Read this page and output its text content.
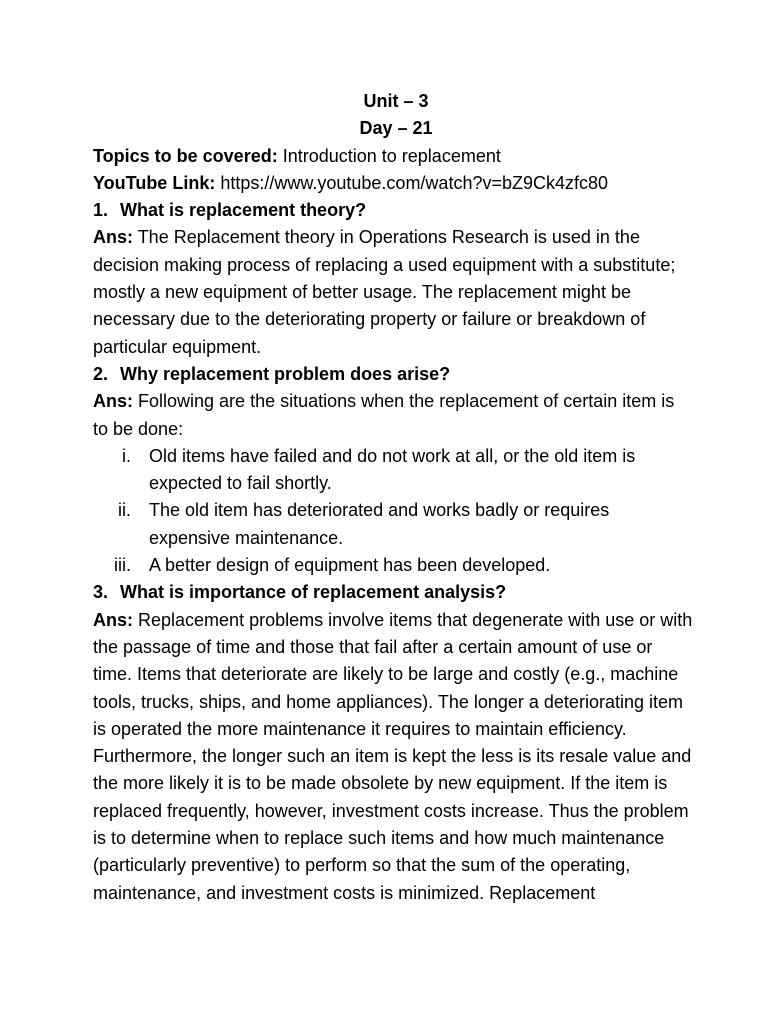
Unit – 3
Day – 21
Topics to be covered: Introduction to replacement
YouTube Link: https://www.youtube.com/watch?v=bZ9Ck4zfc80
1. What is replacement theory?
Ans: The Replacement theory in Operations Research is used in the decision making process of replacing a used equipment with a substitute; mostly a new equipment of better usage. The replacement might be necessary due to the deteriorating property or failure or breakdown of particular equipment.
2. Why replacement problem does arise?
Ans: Following are the situations when the replacement of certain item is to be done:
i. Old items have failed and do not work at all, or the old item is expected to fail shortly.
ii. The old item has deteriorated and works badly or requires expensive maintenance.
iii. A better design of equipment has been developed.
3. What is importance of replacement analysis?
Ans: Replacement problems involve items that degenerate with use or with the passage of time and those that fail after a certain amount of use or time. Items that deteriorate are likely to be large and costly (e.g., machine tools, trucks, ships, and home appliances). The longer a deteriorating item is operated the more maintenance it requires to maintain efficiency. Furthermore, the longer such an item is kept the less is its resale value and the more likely it is to be made obsolete by new equipment. If the item is replaced frequently, however, investment costs increase. Thus the problem is to determine when to replace such items and how much maintenance (particularly preventive) to perform so that the sum of the operating, maintenance, and investment costs is minimized. Replacement
